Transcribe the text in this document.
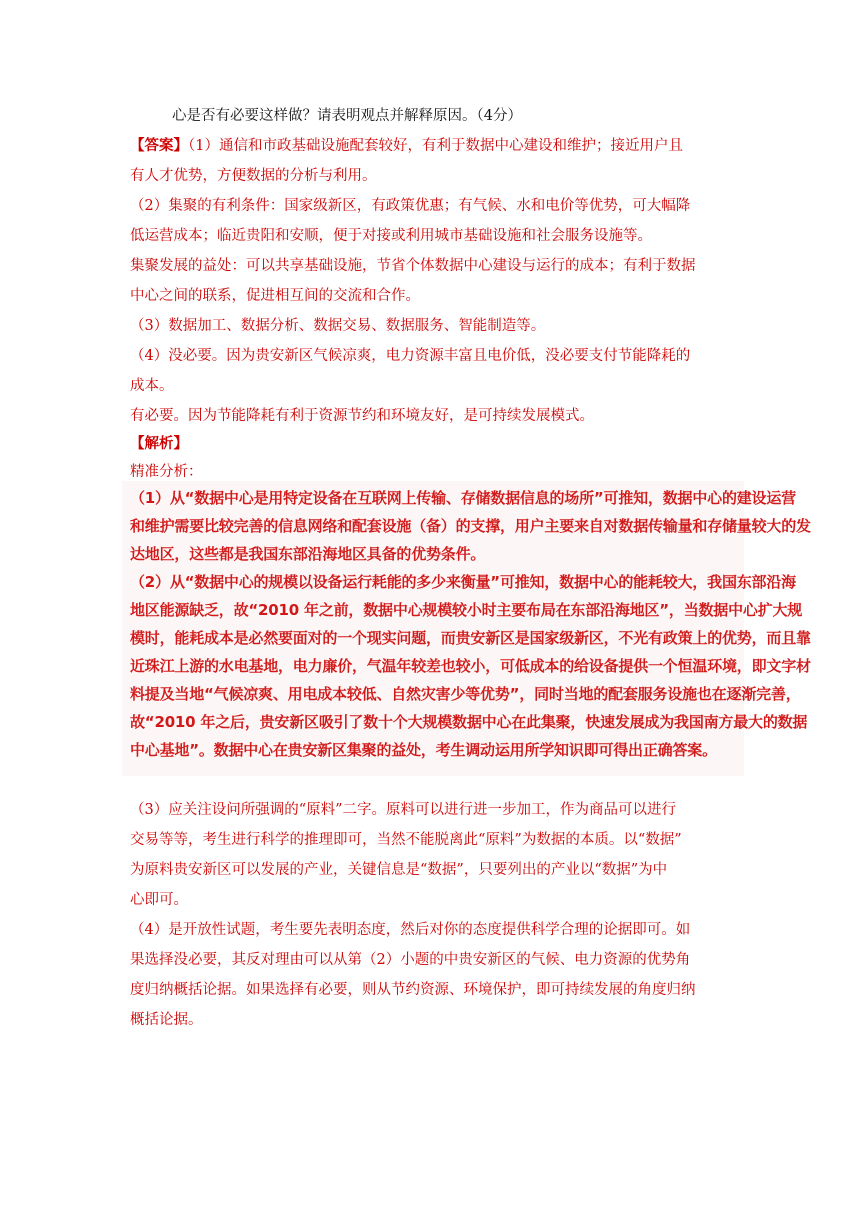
心是否有必要这样做？请表明观点并解释原因。（4分）
【答案】（1）通信和市政基础设施配套较好，有利于数据中心建设和维护；接近用户且
有人才优势，方便数据的分析与利用。
（2）集聚的有利条件：国家级新区，有政策优惠；有气候、水和电价等优势，可大幅降
低运营成本；临近贵阳和安顺，便于对接或利用城市基础设施和社会服务设施等。
集聚发展的益处：可以共享基础设施，节省个体数据中心建设与运行的成本；有利于数据
中心之间的联系，促进相互间的交流和合作。
（3）数据加工、数据分析、数据交易、数据服务、智能制造等。
（4）没必要。因为贵安新区气候凉爽，电力资源丰富且电价低，没必要支付节能降耗的
成本。
有必要。因为节能降耗有利于资源节约和环境友好，是可持续发展模式。
【解析】
精准分析：
（1）从“数据中心是用特定设备在互联网上传输、存储数据信息的场所”可推知，数据中心的建设运营
和维护需要比较完善的信息网络和配套设施（备）的支撑，用户主要来自对数据传输量和存储量较大的发
达地区，这些都是我国东部沿海地区具备的优势条件。
（2）从“数据中心的规模以设备运行耗能的多少来衡量”可推知，数据中心的能耗较大，我国东部沿海
地区能源缺乏，故“2010 年之前，数据中心规模较小时主要布局在东部沿海地区”，当数据中心扩大规
模时，能耗成本是必然要面对的一个现实问题，而贵安新区是国家级新区，不光有政策上的优势，而且靠
近珠江上游的水电基地，电力廉价，气温年较差也较小，可低成本的给设备提供一个恒温环境，即文字材
料提及当地“气候凉爽、用电成本较低、自然灾害少等优势”，同时当地的配套服务设施也在逐渐完善，
故“2010 年之后，贵安新区吸引了数十个大规模数据中心在此集聚，快速发展成为我国南方最大的数据
中心基地”。数据中心在贵安新区集聚的益处，考生调动运用所学知识即可得出正确答案。
（3）应关注设问所强调的“原料”二字。原料可以进行进一步加工，作为商品可以进行
交易等等，考生进行科学的推理即可，当然不能脱离此“原料”为数据的本质。以“数据”
为原料贵安新区可以发展的产业，关键信息是“数据”，只要列出的产业以“数据”为中
心即可。
（4）是开放性试题，考生要先表明态度，然后对你的态度提供科学合理的论据即可。如
果选择没必要，其反对理由可以从第（2）小题的中贵安新区的气候、电力资源的优势角
度归纳概括论据。如果选择有必要，则从节约资源、环境保护，即可持续发展的角度归纳
概括论据。
